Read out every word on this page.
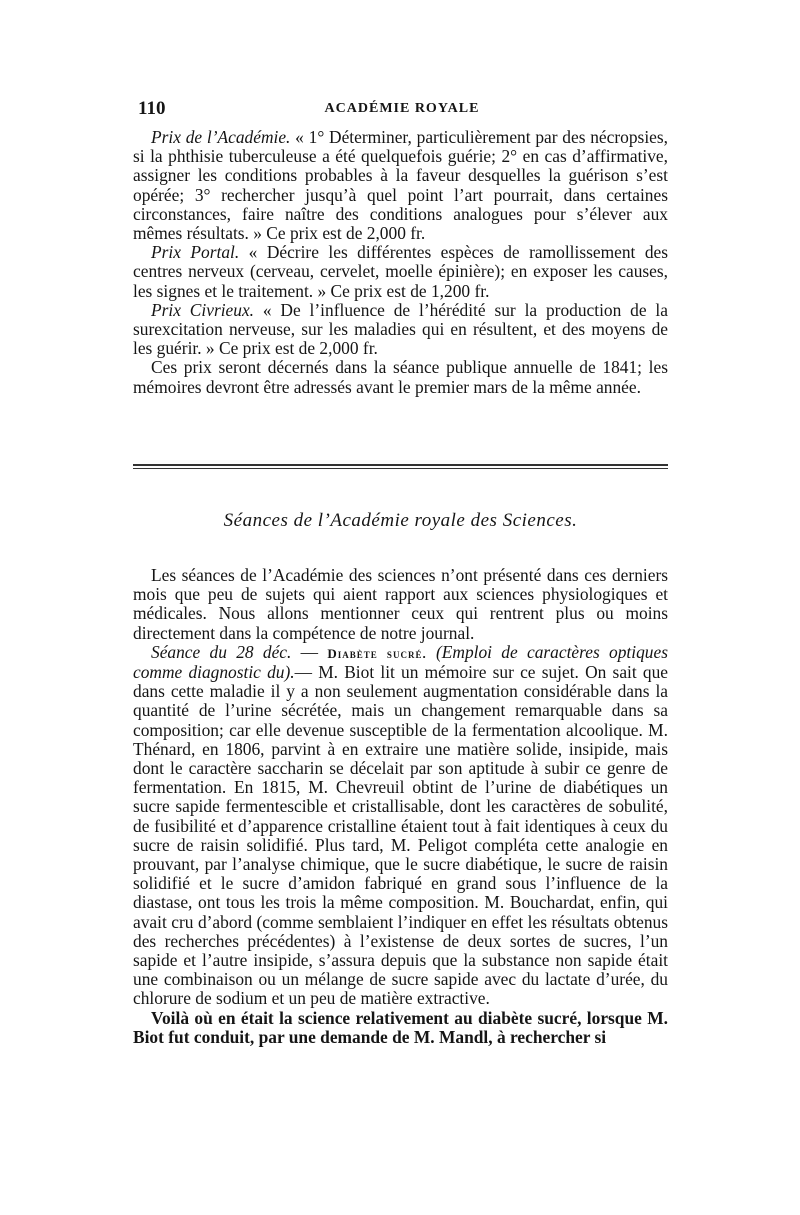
110	ACADÉMIE ROYALE

Prix de l’Académie. « 1° Déterminer, particulièrement par des nécropsies, si la phthisie tuberculeuse a été quelquefois guérie; 2° en cas d’affirmative, assigner les conditions probables à la faveur desquelles la guérison s’est opérée; 3° rechercher jusqu’à quel point l’art pourrait, dans certaines circonstances, faire naître des conditions analogues pour s’élever aux mêmes résultats. » Ce prix est de 2,000 fr.

Prix Portal. « Décrire les différentes espèces de ramollissement des centres nerveux (cerveau, cervelet, moelle épinière); en exposer les causes, les signes et le traitement. » Ce prix est de 1,200 fr.

Prix Civrieux. « De l’influence de l’hérédité sur la production de la surexcitation nerveuse, sur les maladies qui en résultent, et des moyens de les guérir. » Ce prix est de 2,000 fr.

Ces prix seront décernés dans la séance publique annuelle de 1841; les mémoires devront être adressés avant le premier mars de la même année.

Séances de l’Académie royale des Sciences.

Les séances de l’Académie des sciences n’ont présenté dans ces derniers mois que peu de sujets qui aient rapport aux sciences physiologiques et médicales. Nous allons mentionner ceux qui rentrent plus ou moins directement dans la compétence de notre journal.

Séance du 28 déc. — Diabète sucré. (Emploi de caractères optiques comme diagnostic du).— M. Biot lit un mémoire sur ce sujet. On sait que dans cette maladie il y a non seulement augmentation considérable dans la quantité de l’urine sécrétée, mais un changement remarquable dans sa composition; car elle devenue susceptible de la fermentation alcoolique. M. Thénard, en 1806, parvint à en extraire une matière solide, insipide, mais dont le caractère saccharin se décelait par son aptitude à subir ce genre de fermentation. En 1815, M. Chevreuil obtint de l’urine de diabétiques un sucre sapide fermentescible et cristallisable, dont les caractères de sobulité, de fusibilité et d’apparence cristalline étaient tout à fait identiques à ceux du sucre de raisin solidifié. Plus tard, M. Peligot compléta cette analogie en prouvant, par l’analyse chimique, que le sucre diabétique, le sucre de raisin solidifié et le sucre d’amidon fabriqué en grand sous l’influence de la diastase, ont tous les trois la même composition. M. Bouchardat, enfin, qui avait cru d’abord (comme semblaient l’indiquer en effet les résultats obtenus des recherches précédentes) à l’existense de deux sortes de sucres, l’un sapide et l’autre insipide, s’assura depuis que la substance non sapide était une combinaison ou un mélange de sucre sapide avec du lactate d’urée, du chlorure de sodium et un peu de matière extractive.

Voilà où en était la science relativement au diabète sucré, lorsque M. Biot fut conduit, par une demande de M. Mandl, à rechercher si
